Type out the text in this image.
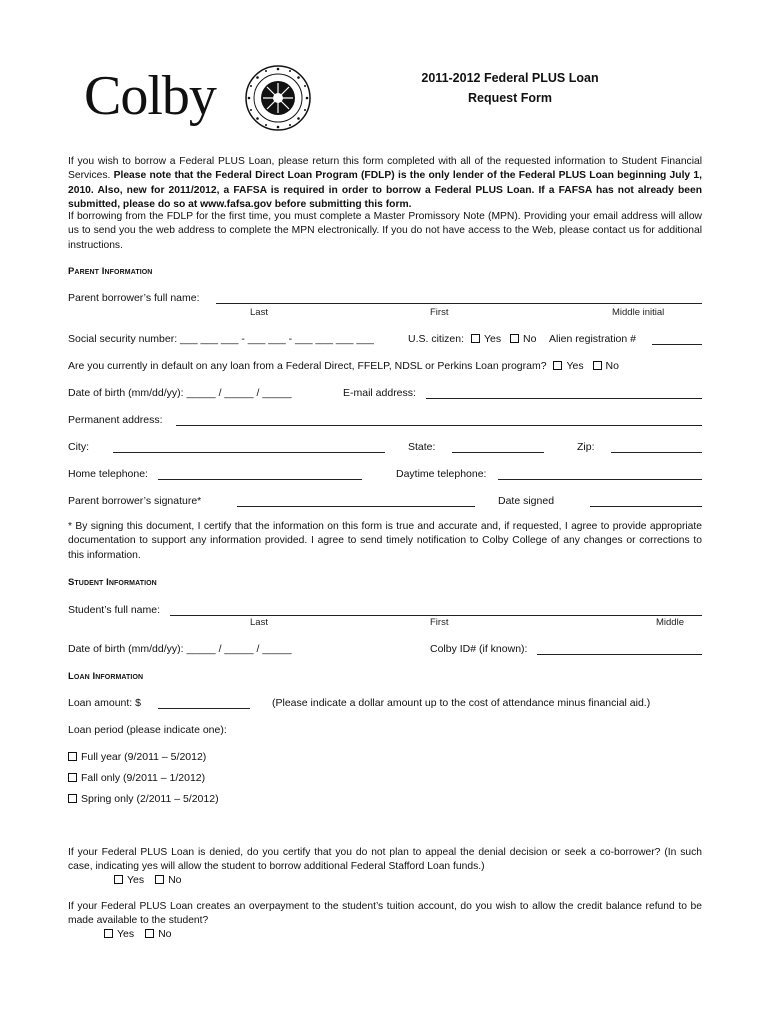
Colby	2011-2012 Federal PLUS Loan
Request Form
If you wish to borrow a Federal PLUS Loan, please return this form completed with all of the requested information to Student Financial Services. Please note that the Federal Direct Loan Program (FDLP) is the only lender of the Federal PLUS Loan beginning July 1, 2010. Also, new for 2011/2012, a FAFSA is required in order to borrow a Federal PLUS Loan. If a FAFSA has not already been submitted, please do so at www.fafsa.gov before submitting this form.
If borrowing from the FDLP for the first time, you must complete a Master Promissory Note (MPN). Providing your email address will allow us to send you the web address to complete the MPN electronically. If you do not have access to the Web, please contact us for additional instructions.
Parent Information
Parent borrower’s full name:
Last	First	Middle initial
Social security number: ___ ___ ___ - ___ ___ - ___ ___ ___ ___	U.S. citizen: Yes No Alien registration #
Are you currently in default on any loan from a Federal Direct, FFELP, NDSL or Perkins Loan program? Yes No
Date of birth (mm/dd/yy): _____ / _____ / _____	E-mail address:
Permanent address:
City:	State:	Zip:
Home telephone:	Daytime telephone:
Parent borrower’s signature*	Date signed
* By signing this document, I certify that the information on this form is true and accurate and, if requested, I agree to provide appropriate documentation to support any information provided. I agree to send timely notification to Colby College of any changes or corrections to this information.
Student Information
Student’s full name:
Last	First	Middle
Date of birth (mm/dd/yy): _____ / _____ / _____	Colby ID# (if known):
Loan Information
Loan amount: $	(Please indicate a dollar amount up to the cost of attendance minus financial aid.)
Loan period (please indicate one):
Full year (9/2011 – 5/2012)
Fall only (9/2011 – 1/2012)
Spring only (2/2011 – 5/2012)
If your Federal PLUS Loan is denied, do you certify that you do not plan to appeal the denial decision or seek a co-borrower? (In such case, indicating yes will allow the student to borrow additional Federal Stafford Loan funds.)
Yes No
If your Federal PLUS Loan creates an overpayment to the student’s tuition account, do you wish to allow the credit balance refund to be made available to the student?
Yes No
